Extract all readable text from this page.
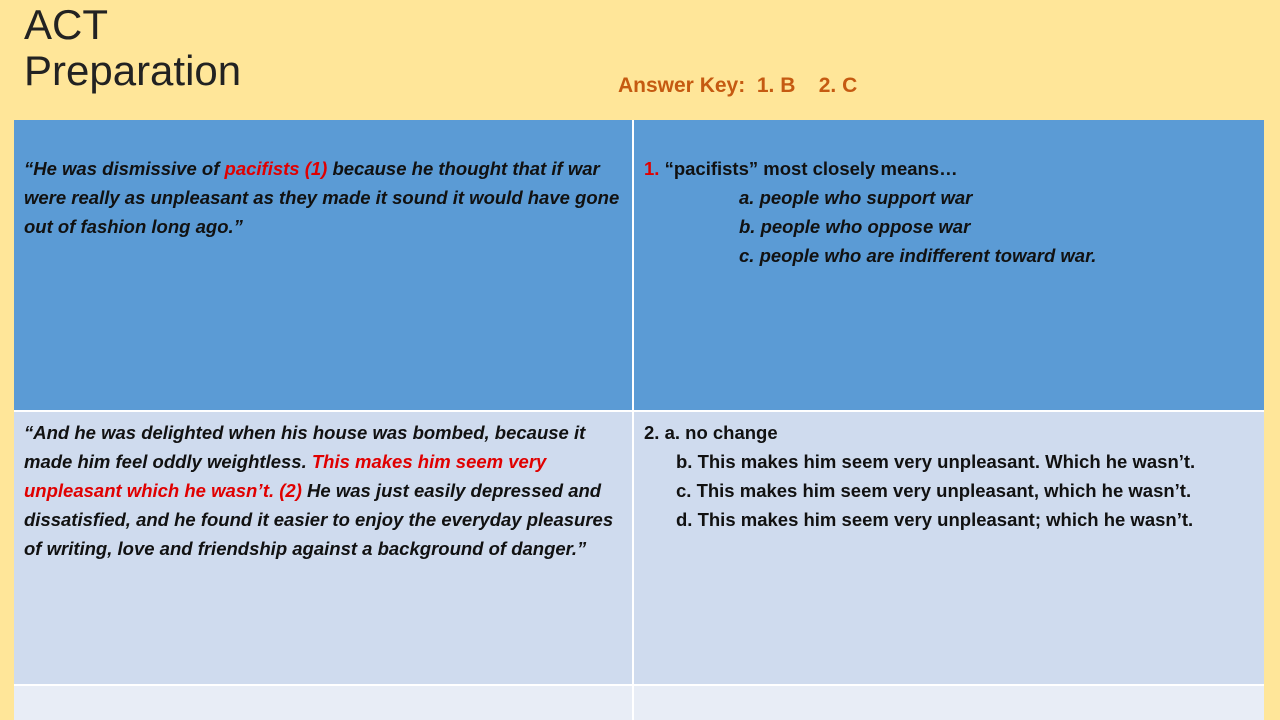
ACT
Preparation	Answer Key:  1. B    2. C

“He was dismissive of pacifists (1) because he thought that if war were really as unpleasant as they made it sound it would have gone out of fashion long ago.”

1. “pacifists” most closely means…

a. people who support war

b. people who oppose war

c. people who are indifferent toward war.

“And he was delighted when his house was bombed, because it made him feel oddly weightless. This makes him seem very unpleasant which he wasn’t. (2) He was just easily depressed and dissatisfied, and he found it easier to enjoy the everyday pleasures of writing, love and friendship against a background of danger.”

2. a. no change

b. This makes him seem very unpleasant. Which he wasn’t.

c. This makes him seem very unpleasant, which he wasn’t.

d. This makes him seem very unpleasant; which he wasn’t.
